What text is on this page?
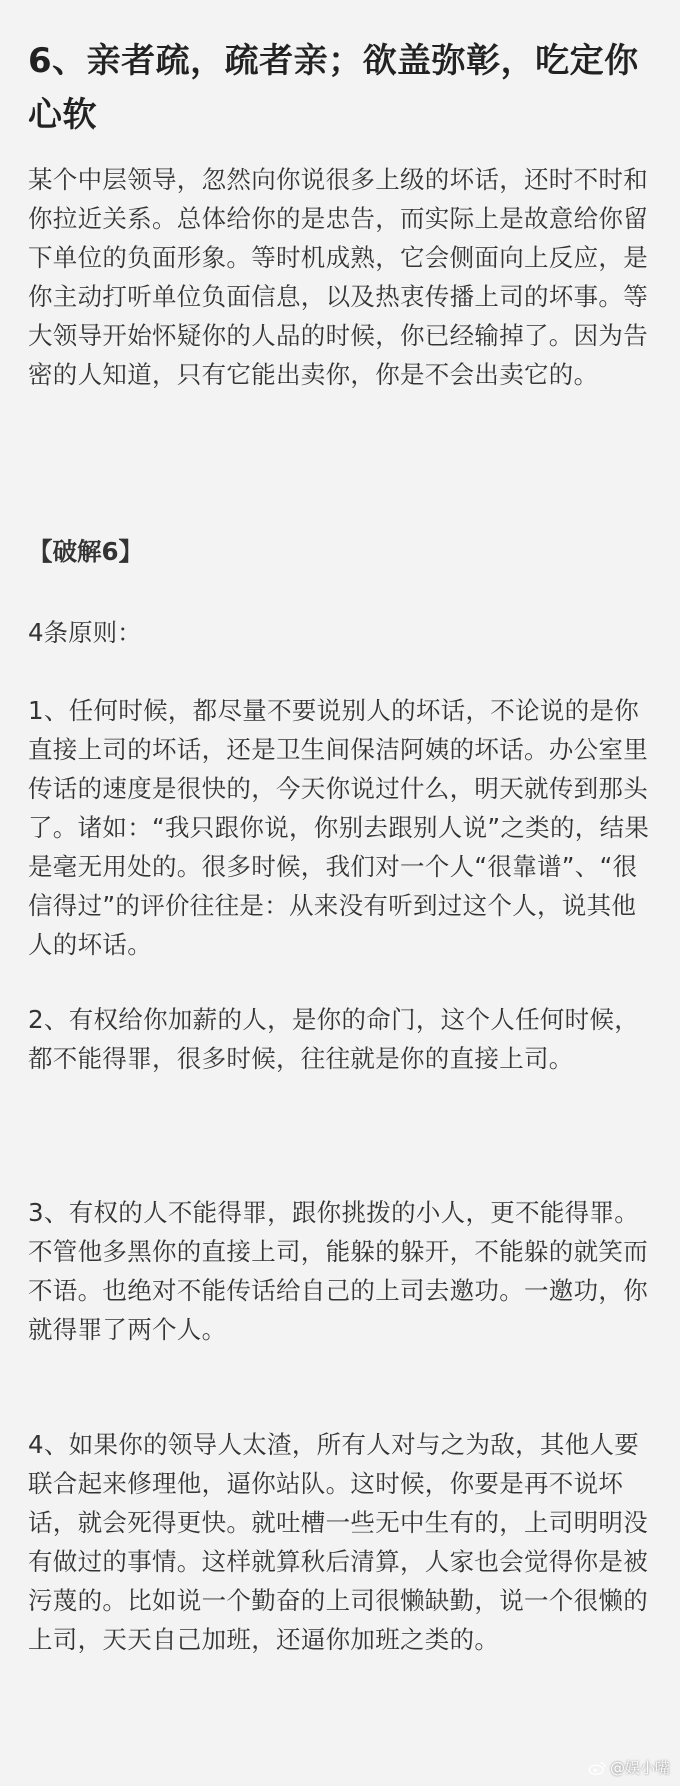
6、亲者疏，疏者亲；欲盖弥彰，吃定你心软
某个中层领导，忽然向你说很多上级的坏话，还时不时和你拉近关系。总体给你的是忠告，而实际上是故意给你留下单位的负面形象。等时机成熟，它会侧面向上反应，是你主动打听单位负面信息，以及热衷传播上司的坏事。等大领导开始怀疑你的人品的时候，你已经输掉了。因为告密的人知道，只有它能出卖你，你是不会出卖它的。
【破解6】
4条原则：
1、任何时候，都尽量不要说别人的坏话，不论说的是你直接上司的坏话，还是卫生间保洁阿姨的坏话。办公室里传话的速度是很快的，今天你说过什么，明天就传到那头了。诸如：“我只跟你说，你别去跟别人说”之类的，结果是毫无用处的。很多时候，我们对一个人“很靠谱”、“很信得过”的评价往往是：从来没有听到过这个人，说其他人的坏话。
2、有权给你加薪的人，是你的命门，这个人任何时候，都不能得罪，很多时候，往往就是你的直接上司。
3、有权的人不能得罪，跟你挑拨的小人，更不能得罪。不管他多黑你的直接上司，能躲的躲开，不能躲的就笑而不语。也绝对不能传话给自己的上司去邀功。一邀功，你就得罪了两个人。
4、如果你的领导人太渣，所有人对与之为敌，其他人要联合起来修理他，逼你站队。这时候，你要是再不说坏话，就会死得更快。就吐槽一些无中生有的，上司明明没有做过的事情。这样就算秋后清算，人家也会觉得你是被污蔑的。比如说一个勤奋的上司很懒缺勤，说一个很懒的上司，天天自己加班，还逼你加班之类的。
@娱小嘴
